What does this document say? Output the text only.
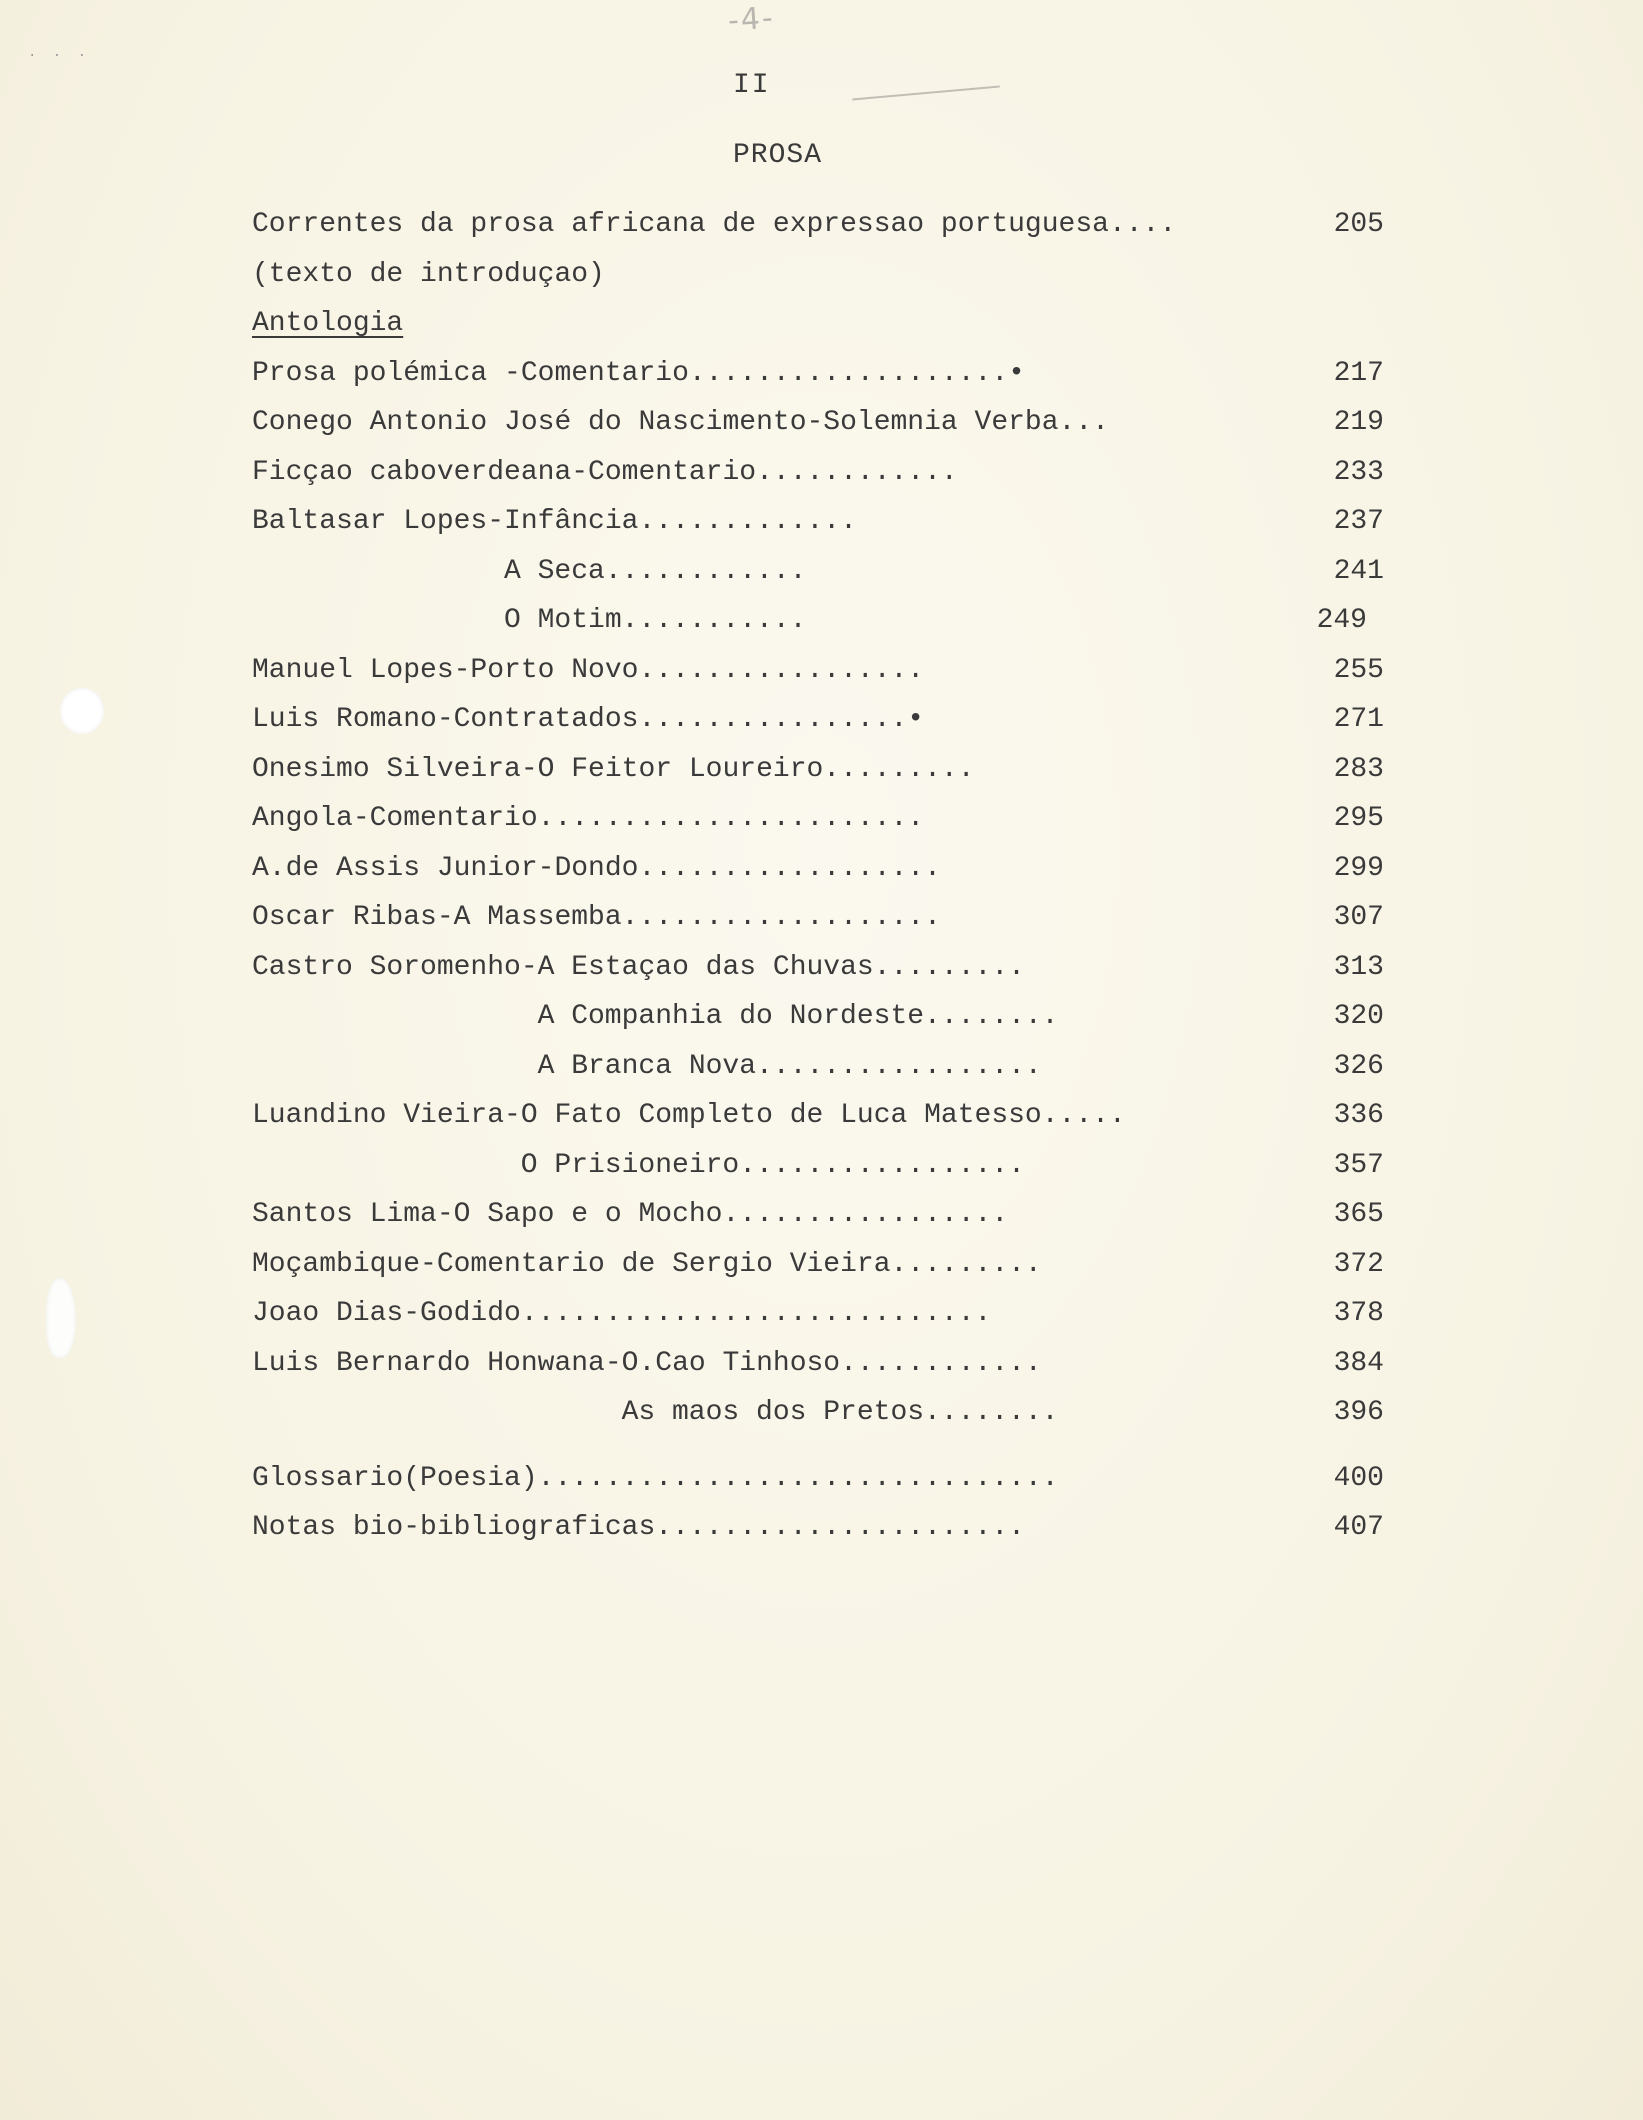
-4-
· · ·
II
PROSA
Correntes da prosa africana de expressao portuguesa....	205
(texto de introduçao)
Antologia
Prosa polémica -Comentario...................•	217
Conego Antonio José do Nascimento-Solemnia Verba...	219
Ficçao caboverdeana-Comentario............	233
Baltasar Lopes-Infância.............	237
A Seca............	241
O Motim...........	249
Manuel Lopes-Porto Novo.................	255
Luis Romano-Contratados................•	271
Onesimo Silveira-O Feitor Loureiro.........	283
Angola-Comentario.......................	295
A.de Assis Junior-Dondo..................	299
Oscar Ribas-A Massemba...................	307
Castro Soromenho-A Estaçao das Chuvas.........	313
A Companhia do Nordeste........	320
A Branca Nova.................	326
Luandino Vieira-O Fato Completo de Luca Matesso.....	336
O Prisioneiro.................	357
Santos Lima-O Sapo e o Mocho.................	365
Moçambique-Comentario de Sergio Vieira.........	372
Joao Dias-Godido............................	378
Luis Bernardo Honwana-O.Cao Tinhoso............	384
As maos dos Pretos........	396
Glossario(Poesia)...............................	400
Notas bio-bibliograficas......................	407
